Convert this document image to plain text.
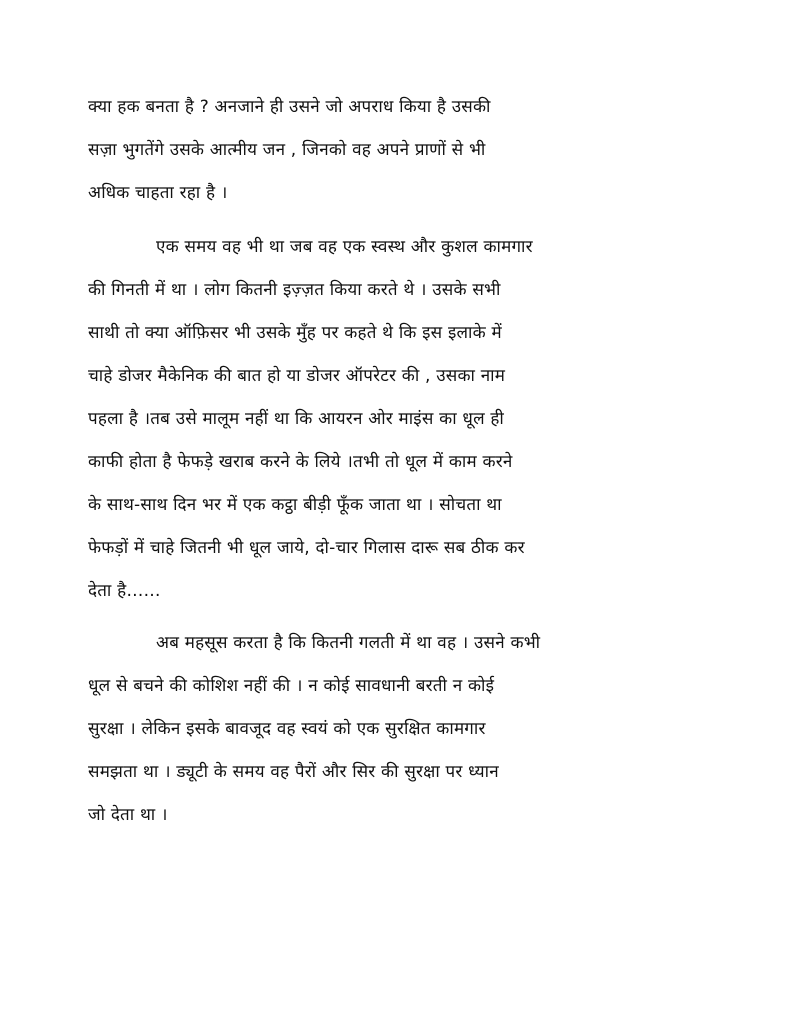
क्या हक बनता है ? अनजाने ही उसने जो अपराध किया है उसकी
सज़ा भुगतेंगे उसके आत्मीय जन , जिनको वह अपने प्राणों से भी
अधिक चाहता रहा है ।
एक समय वह भी था जब वह एक स्वस्थ और कुशल कामगार
की गिनती में था । लोग कितनी इज़्ज़त किया करते थे । उसके सभी
साथी तो क्या ऑफ़िसर भी उसके मुँह पर कहते थे कि इस इलाके में
चाहे डोजर मैकेनिक की बात हो या डोजर ऑपरेटर की , उसका नाम
पहला है ।तब उसे मालूम नहीं था कि आयरन ओर माइंस का धूल ही
काफी होता है फेफड़े खराब करने के लिये ।तभी तो धूल में काम करने
के साथ-साथ दिन भर में एक कट्ठा बीड़ी फूँक जाता था । सोचता था
फेफड़ों में चाहे जितनी भी धूल जाये, दो-चार गिलास दारू सब ठीक कर
देता है……
अब महसूस करता है कि कितनी गलती में था वह । उसने कभी
धूल से बचने की कोशिश नहीं की । न कोई सावधानी बरती न कोई
सुरक्षा । लेकिन इसके बावजूद वह स्वयं को एक सुरक्षित कामगार
समझता था । ड्यूटी के समय वह पैरों और सिर की सुरक्षा पर ध्यान
जो देता था ।
